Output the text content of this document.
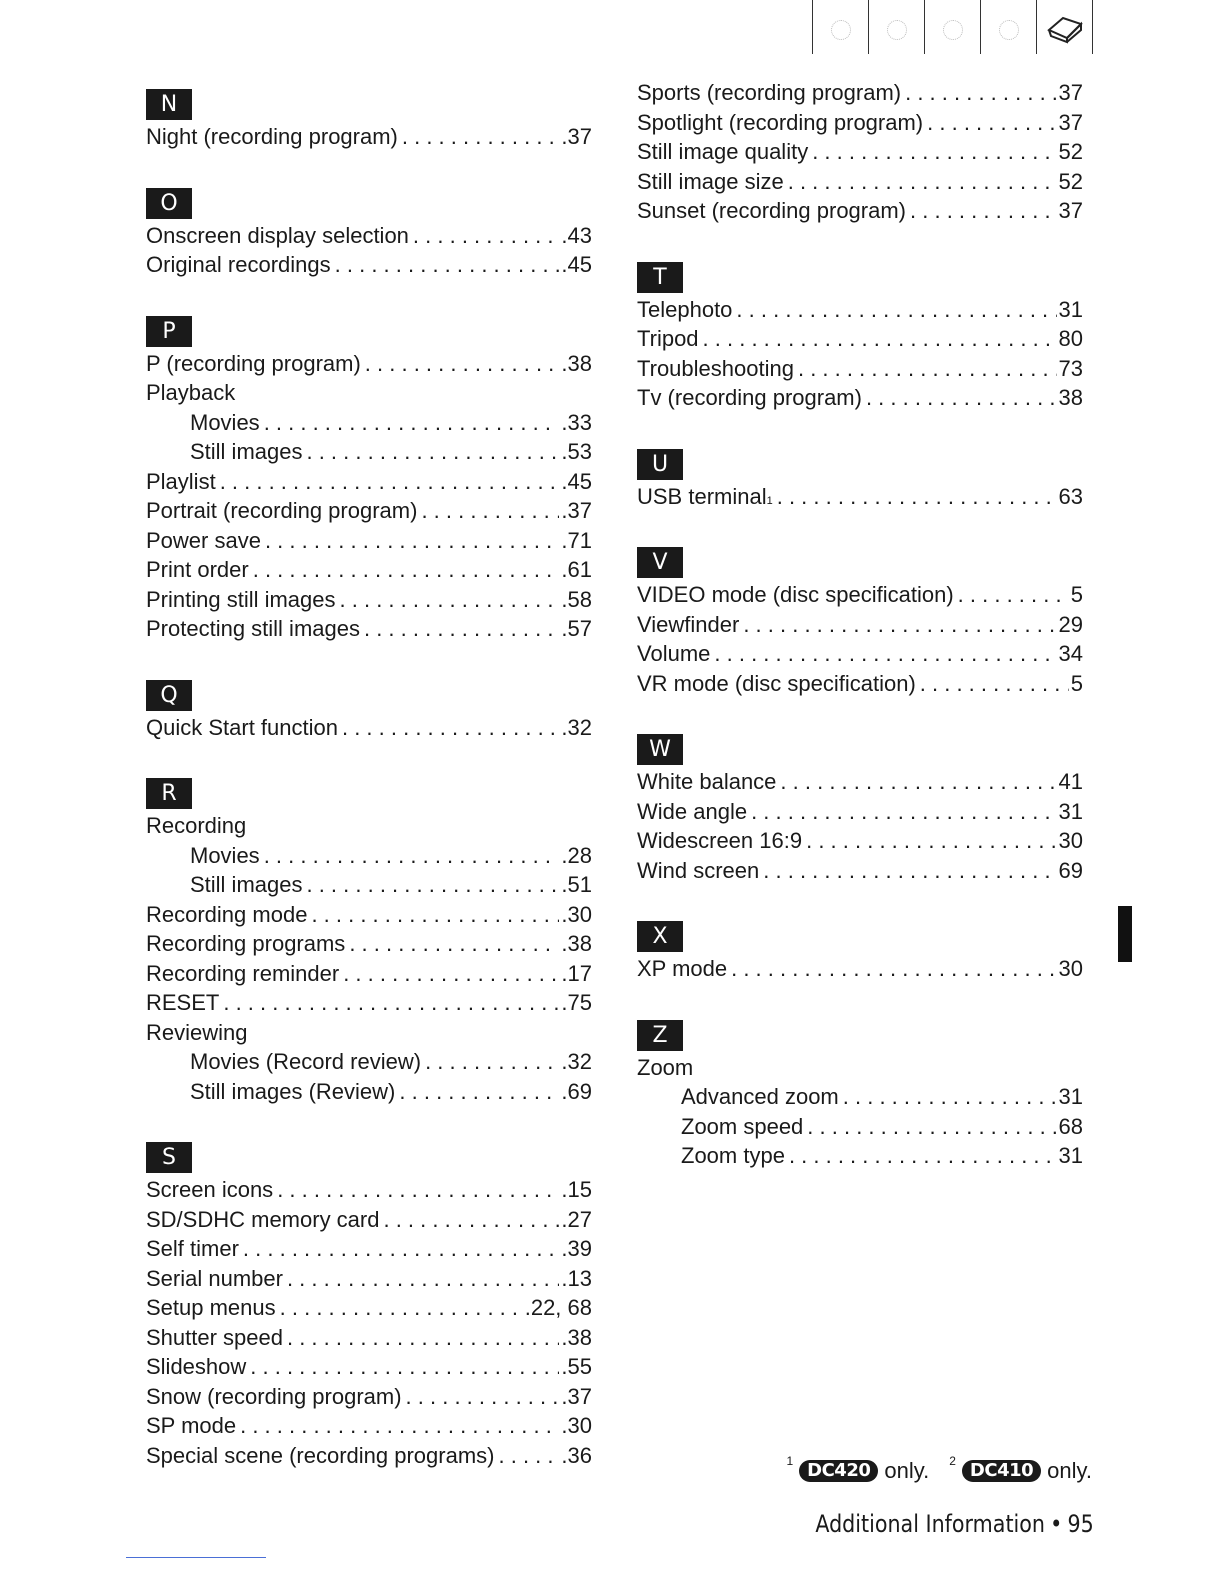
N
Night (recording program) . . .	.37
O
Onscreen display selection . . .	.43
Original recordings . . .	.45
P
P (recording program) . . .	.38
Playback
Movies . . .	.33
Still images . . .	.53
Playlist . . .	.45
Portrait (recording program) . . .	.37
Power save . . .	.71
Print order . . .	.61
Printing still images . . .	.58
Protecting still images . . .	.57
Q
Quick Start function . . .	.32
R
Recording
Movies . . .	.28
Still images . . .	.51
Recording mode . . .	.30
Recording programs . . .	.38
Recording reminder . . .	.17
RESET . . .	.75
Reviewing
Movies (Record review) . . .	.32
Still images (Review) . . .	.69
S
Screen icons . . .	.15
SD/SDHC memory card . . .	.27
Self timer . . .	.39
Serial number . . .	.13
Setup menus . . .	.22, 68
Shutter speed . . .	.38
Slideshow . . .	.55
Snow (recording program) . . .	.37
SP mode . . .	.30
Special scene (recording programs) . . .	.36
Sports (recording program) . . .	37
Spotlight (recording program) . . .	37
Still image quality . . .	52
Still image size . . .	52
Sunset (recording program) . . .	37
T
Telephoto . . .	31
Tripod . . .	80
Troubleshooting . . .	73
Tv (recording program) . . .	38
U
USB terminal 1 . . .	63
V
VIDEO mode (disc specification) . . .	5
Viewfinder . . .	29
Volume . . .	34
VR mode (disc specification) . . .	5
W
White balance . . .	41
Wide angle . . .	31
Widescreen 16:9 . . .	30
Wind screen . . .	69
X
XP mode . . .	30
Z
Zoom
Advanced zoom . . .	31
Zoom speed . . .	68
Zoom type . . .	31
1 DC420 only. 2 DC410 only.
Additional Information • 95
